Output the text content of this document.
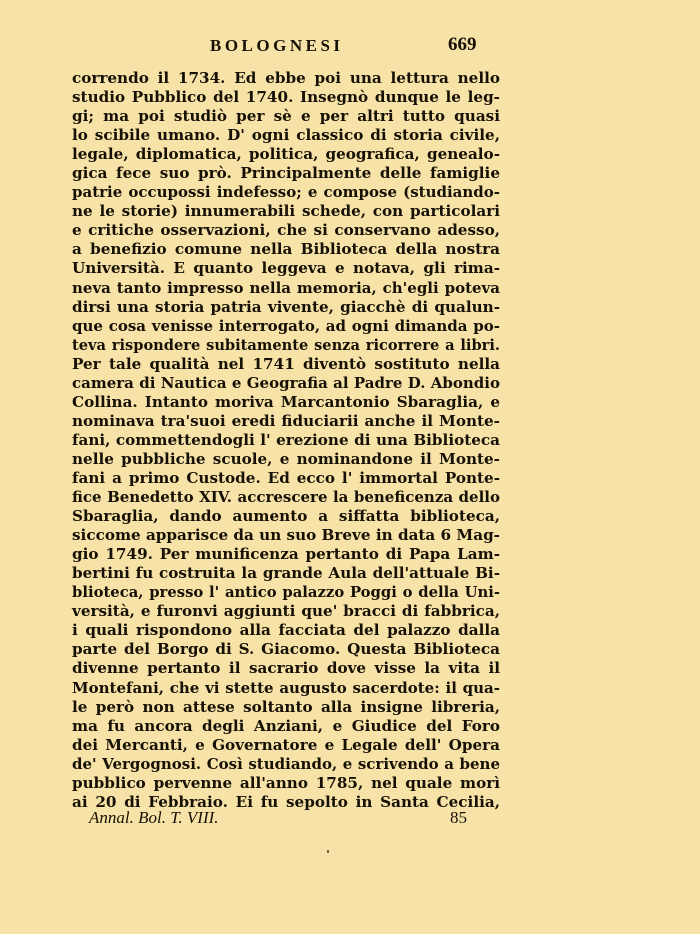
BOLOGNESI	669
correndo il 1734. Ed ebbe poi una lettura nello
studio Pubblico del 1740. Insegnò dunque le leg-
gi; ma poi studiò per sè e per altri tutto quasi
lo scibile umano. D' ogni classico di storia civile,
legale, diplomatica, politica, geografica, genealo-
gica fece suo prò. Principalmente delle famiglie
patrie occupossi indefesso; e compose (studiando-
ne le storie) innumerabili schede, con particolari
e critiche osservazioni, che si conservano adesso,
a benefizio comune nella Biblioteca della nostra
Università. E quanto leggeva e notava, gli rima-
neva tanto impresso nella memoria, ch'egli poteva
dirsi una storia patria vivente, giacchè di qualun-
que cosa venisse interrogato, ad ogni dimanda po-
teva rispondere subitamente senza ricorrere a libri.
Per tale qualità nel 1741 diventò sostituto nella
camera di Nautica e Geografia al Padre D. Abondio
Collina. Intanto moriva Marcantonio Sbaraglia, e
nominava tra'suoi eredi fiduciarii anche il Monte-
fani, commettendogli l' erezione di una Biblioteca
nelle pubbliche scuole, e nominandone il Monte-
fani a primo Custode. Ed ecco l' immortal Ponte-
fice Benedetto XIV. accrescere la beneficenza dello
Sbaraglia, dando aumento a siffatta biblioteca,
siccome apparisce da un suo Breve in data 6 Mag-
gio 1749. Per munificenza pertanto di Papa Lam-
bertini fu costruita la grande Aula dell'attuale Bi-
blioteca, presso l' antico palazzo Poggi o della Uni-
versità, e furonvi aggiunti que' bracci di fabbrica,
i quali rispondono alla facciata del palazzo dalla
parte del Borgo di S. Giacomo. Questa Biblioteca
divenne pertanto il sacrario dove visse la vita il
Montefani, che vi stette augusto sacerdote: il qua-
le però non attese soltanto alla insigne libreria,
ma fu ancora degli Anziani, e Giudice del Foro
dei Mercanti, e Governatore e Legale dell' Opera
de' Vergognosi. Così studiando, e scrivendo a bene
pubblico pervenne all'anno 1785, nel quale morì
ai 20 di Febbraio. Ei fu sepolto in Santa Cecilia,
Annal. Bol. T. VIII.	85
